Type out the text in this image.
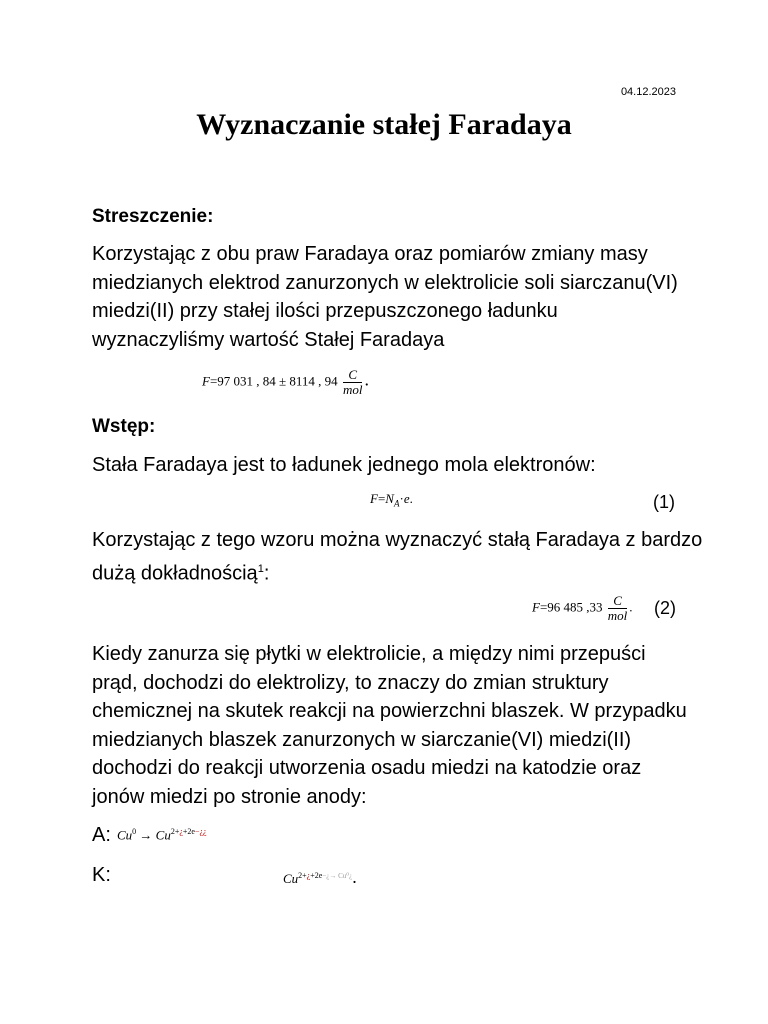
04.12.2023
Wyznaczanie stałej Faradaya
Streszczenie:
Korzystając z obu praw Faradaya oraz pomiarów zmiany masy miedzianych elektrod zanurzonych w elektrolicie soli siarczanu(VI) miedzi(II) przy stałej ilości przepuszczonego ładunku wyznaczyliśmy wartość Stałej Faradaya
F=97 031 , 84 ± 8114 , $94 \frac{C}{\text{mol}}$ .
Wstęp:
Stała Faradaya jest to ładunek jednego mola elektronów:
$F=N_A\cdot e$.	(1)
Korzystając z tego wzoru można wyznaczyć stałą Faradaya z bardzo dużą dokładnością$^1$:
F=96 485 $,33 \frac{C}{\text{mol}}$ . (2)
Kiedy zanurza się płytki w elektrolicie, a między nimi przepuści prąd, dochodzi do elektrolizy, to znaczy do zmian struktury chemicznej na skutek reakcji na powierzchni blaszek. W przypadku miedzianych blaszek zanurzonych w siarczanie(VI) miedzi(II) dochodzi do reakcji utworzenia osadu miedzi na katodzie oraz jonów miedzi po stronie anody:
A: $Cu^0 \to Cu^{2+¿+2e-¿¿}$
K:	$Cu^{2+¿+2e-¿\to Cu^0¿}$.
